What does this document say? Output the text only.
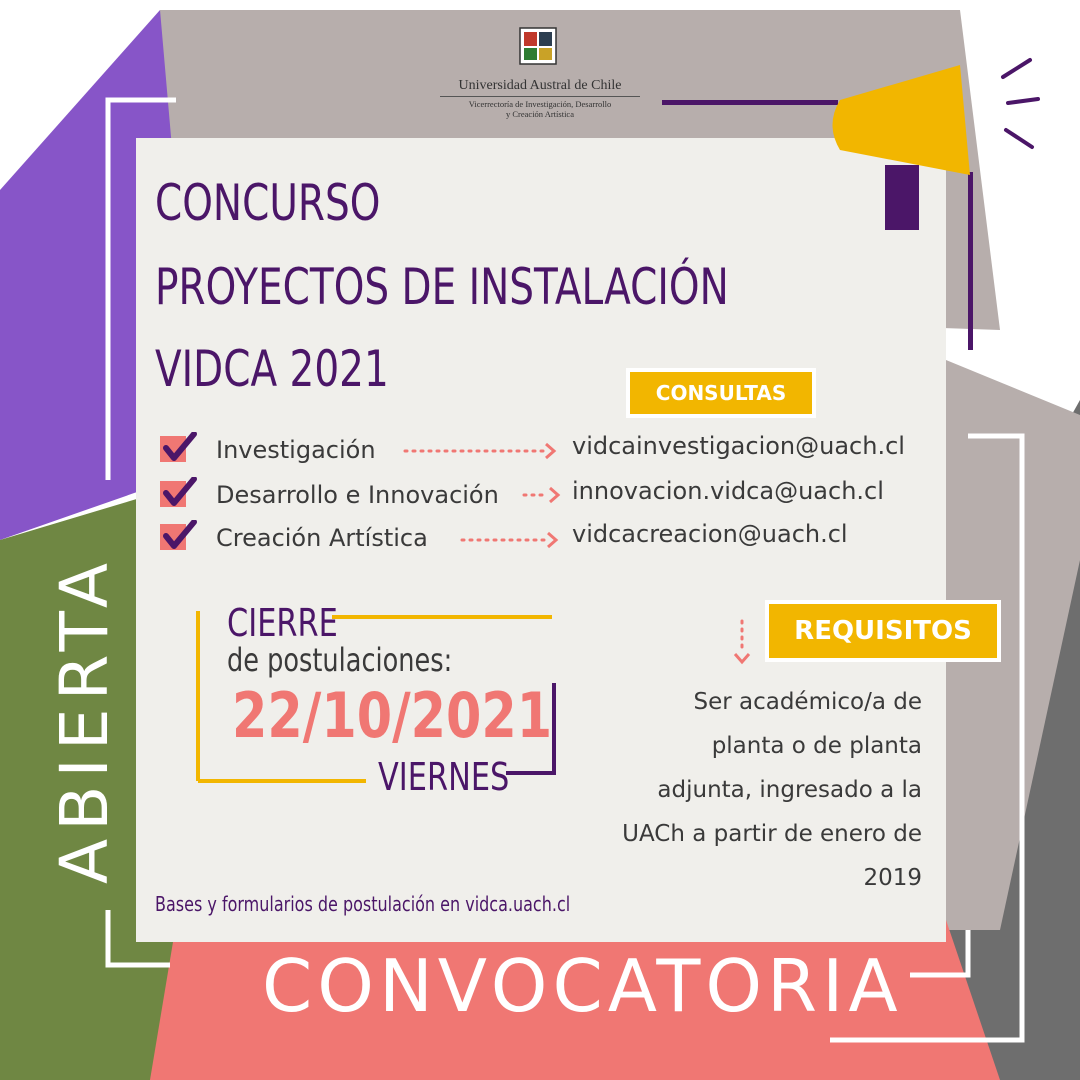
Universidad Austral de Chile
Vicerrectoría de Investigación, Desarrollo
y Creación Artística
CONCURSO
PROYECTOS DE INSTALACIÓN
VIDCA 2021	CONSULTAS
Investigación	vidcainvestigacion@uach.cl
Desarrollo e Innovación	innovacion.vidca@uach.cl
Creación Artística	vidcacreacion@uach.cl
CIERRE
de postulaciones:
22/10/2021
VIERNES
REQUISITOS
Ser académico/a de planta o de planta adjunta, ingresado a la UACh a partir de enero de 2019
Bases y formularios de postulación en vidca.uach.cl
CONVOCATORIA
ABIERTA
